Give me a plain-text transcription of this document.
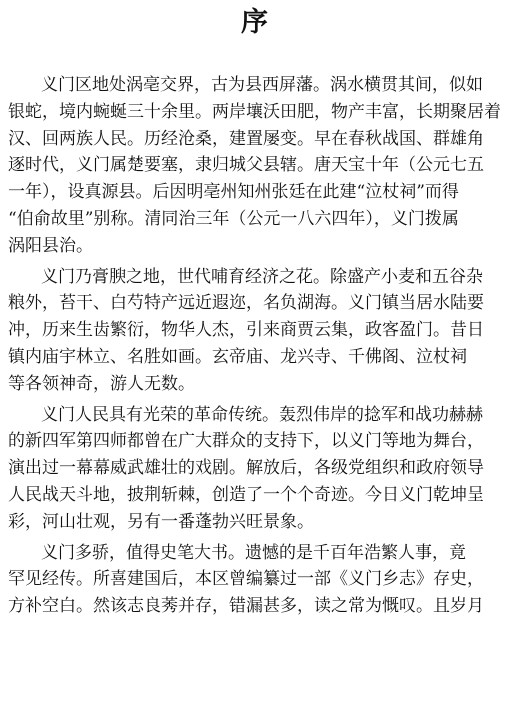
序
义门区地处涡亳交界，古为县西屏藩。涡水横贯其间，似如
银蛇，境内蜿蜒三十余里。两岸壤沃田肥，物产丰富，长期聚居着
汉、回两族人民。历经沧桑，建置屡变。早在春秋战国、群雄角
逐时代，义门属楚要塞，隶归城父县辖。唐天宝十年（公元七五
一年），设真源县。后因明亳州知州张廷在此建“泣杖祠”而得
“伯俞故里”别称。清同治三年（公元一八六四年），义门拨属
涡阳县治。
义门乃膏腴之地，世代哺育经济之花。除盛产小麦和五谷杂
粮外，苔干、白芍特产远近遐迩，名负湖海。义门镇当居水陆要
冲，历来生齿繁衍，物华人杰，引来商贾云集，政客盈门。昔日
镇内庙宇林立、名胜如画。玄帝庙、龙兴寺、千佛阁、泣杖祠
等各领神奇，游人无数。
义门人民具有光荣的革命传统。轰烈伟岸的捻军和战功赫赫
的新四军第四师都曾在广大群众的支持下，以义门等地为舞台，
演出过一幕幕威武雄壮的戏剧。解放后，各级党组织和政府领导
人民战天斗地，披荆斩棘，创造了一个个奇迹。今日义门乾坤呈
彩，河山壮观，另有一番蓬勃兴旺景象。
义门多骄，值得史笔大书。遗憾的是千百年浩繁人事，竟
罕见经传。所喜建国后，本区曾编纂过一部《义门乡志》存史，
方补空白。然该志良莠并存，错漏甚多，读之常为慨叹。且岁月
